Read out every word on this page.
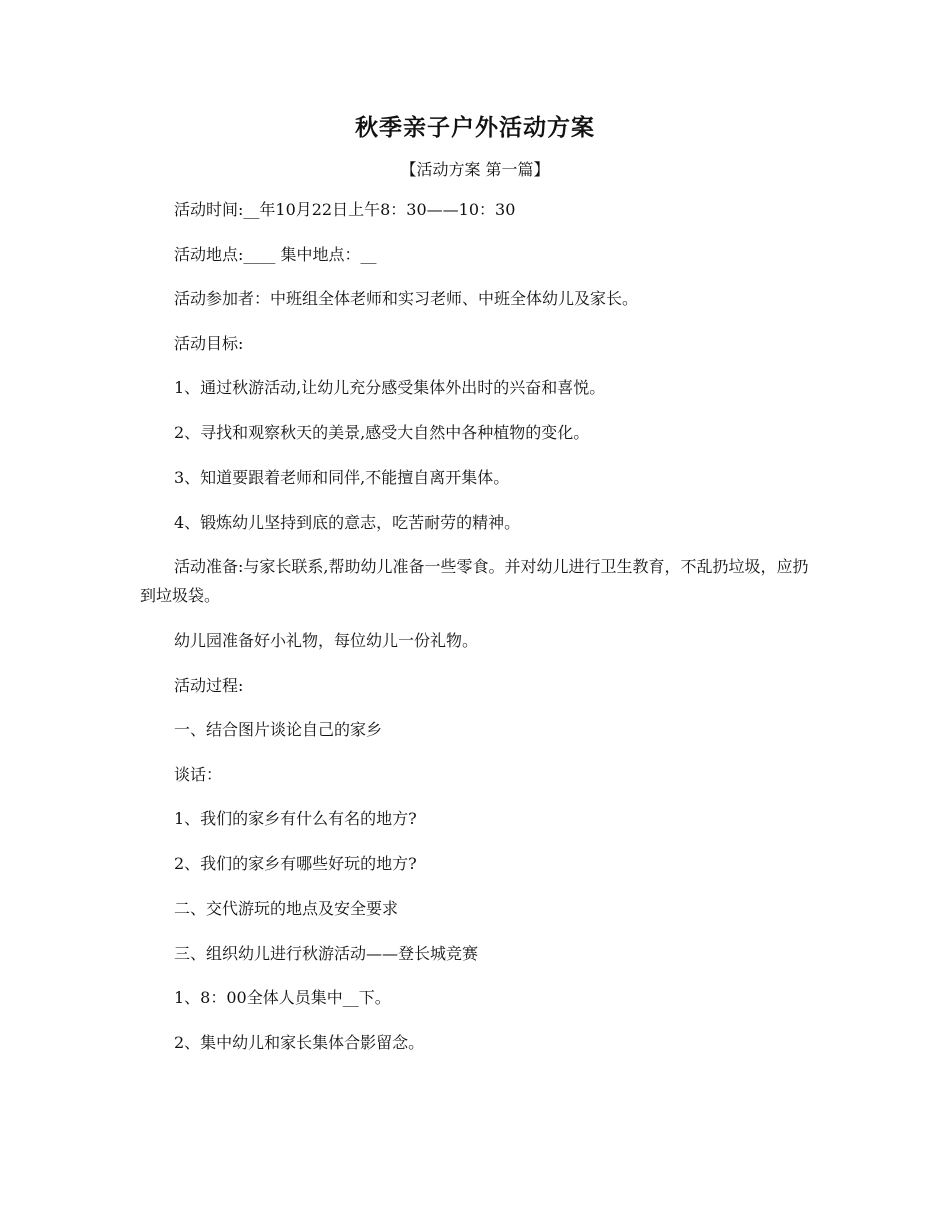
秋季亲子户外活动方案
【活动方案 第一篇】
活动时间:__年10月22日上午8：30——10：30
活动地点:____ 集中地点：__
活动参加者：中班组全体老师和实习老师、中班全体幼儿及家长。
活动目标:
1、通过秋游活动,让幼儿充分感受集体外出时的兴奋和喜悦。
2、寻找和观察秋天的美景,感受大自然中各种植物的变化。
3、知道要跟着老师和同伴,不能擅自离开集体。
4、锻炼幼儿坚持到底的意志，吃苦耐劳的精神。
活动准备:与家长联系,帮助幼儿准备一些零食。并对幼儿进行卫生教育，不乱扔垃圾，应扔到垃圾袋。
幼儿园准备好小礼物，每位幼儿一份礼物。
活动过程:
一、结合图片谈论自己的家乡
谈话：
1、我们的家乡有什么有名的地方?
2、我们的家乡有哪些好玩的地方?
二、交代游玩的地点及安全要求
三、组织幼儿进行秋游活动——登长城竞赛
1、8：00全体人员集中__下。
2、集中幼儿和家长集体合影留念。
